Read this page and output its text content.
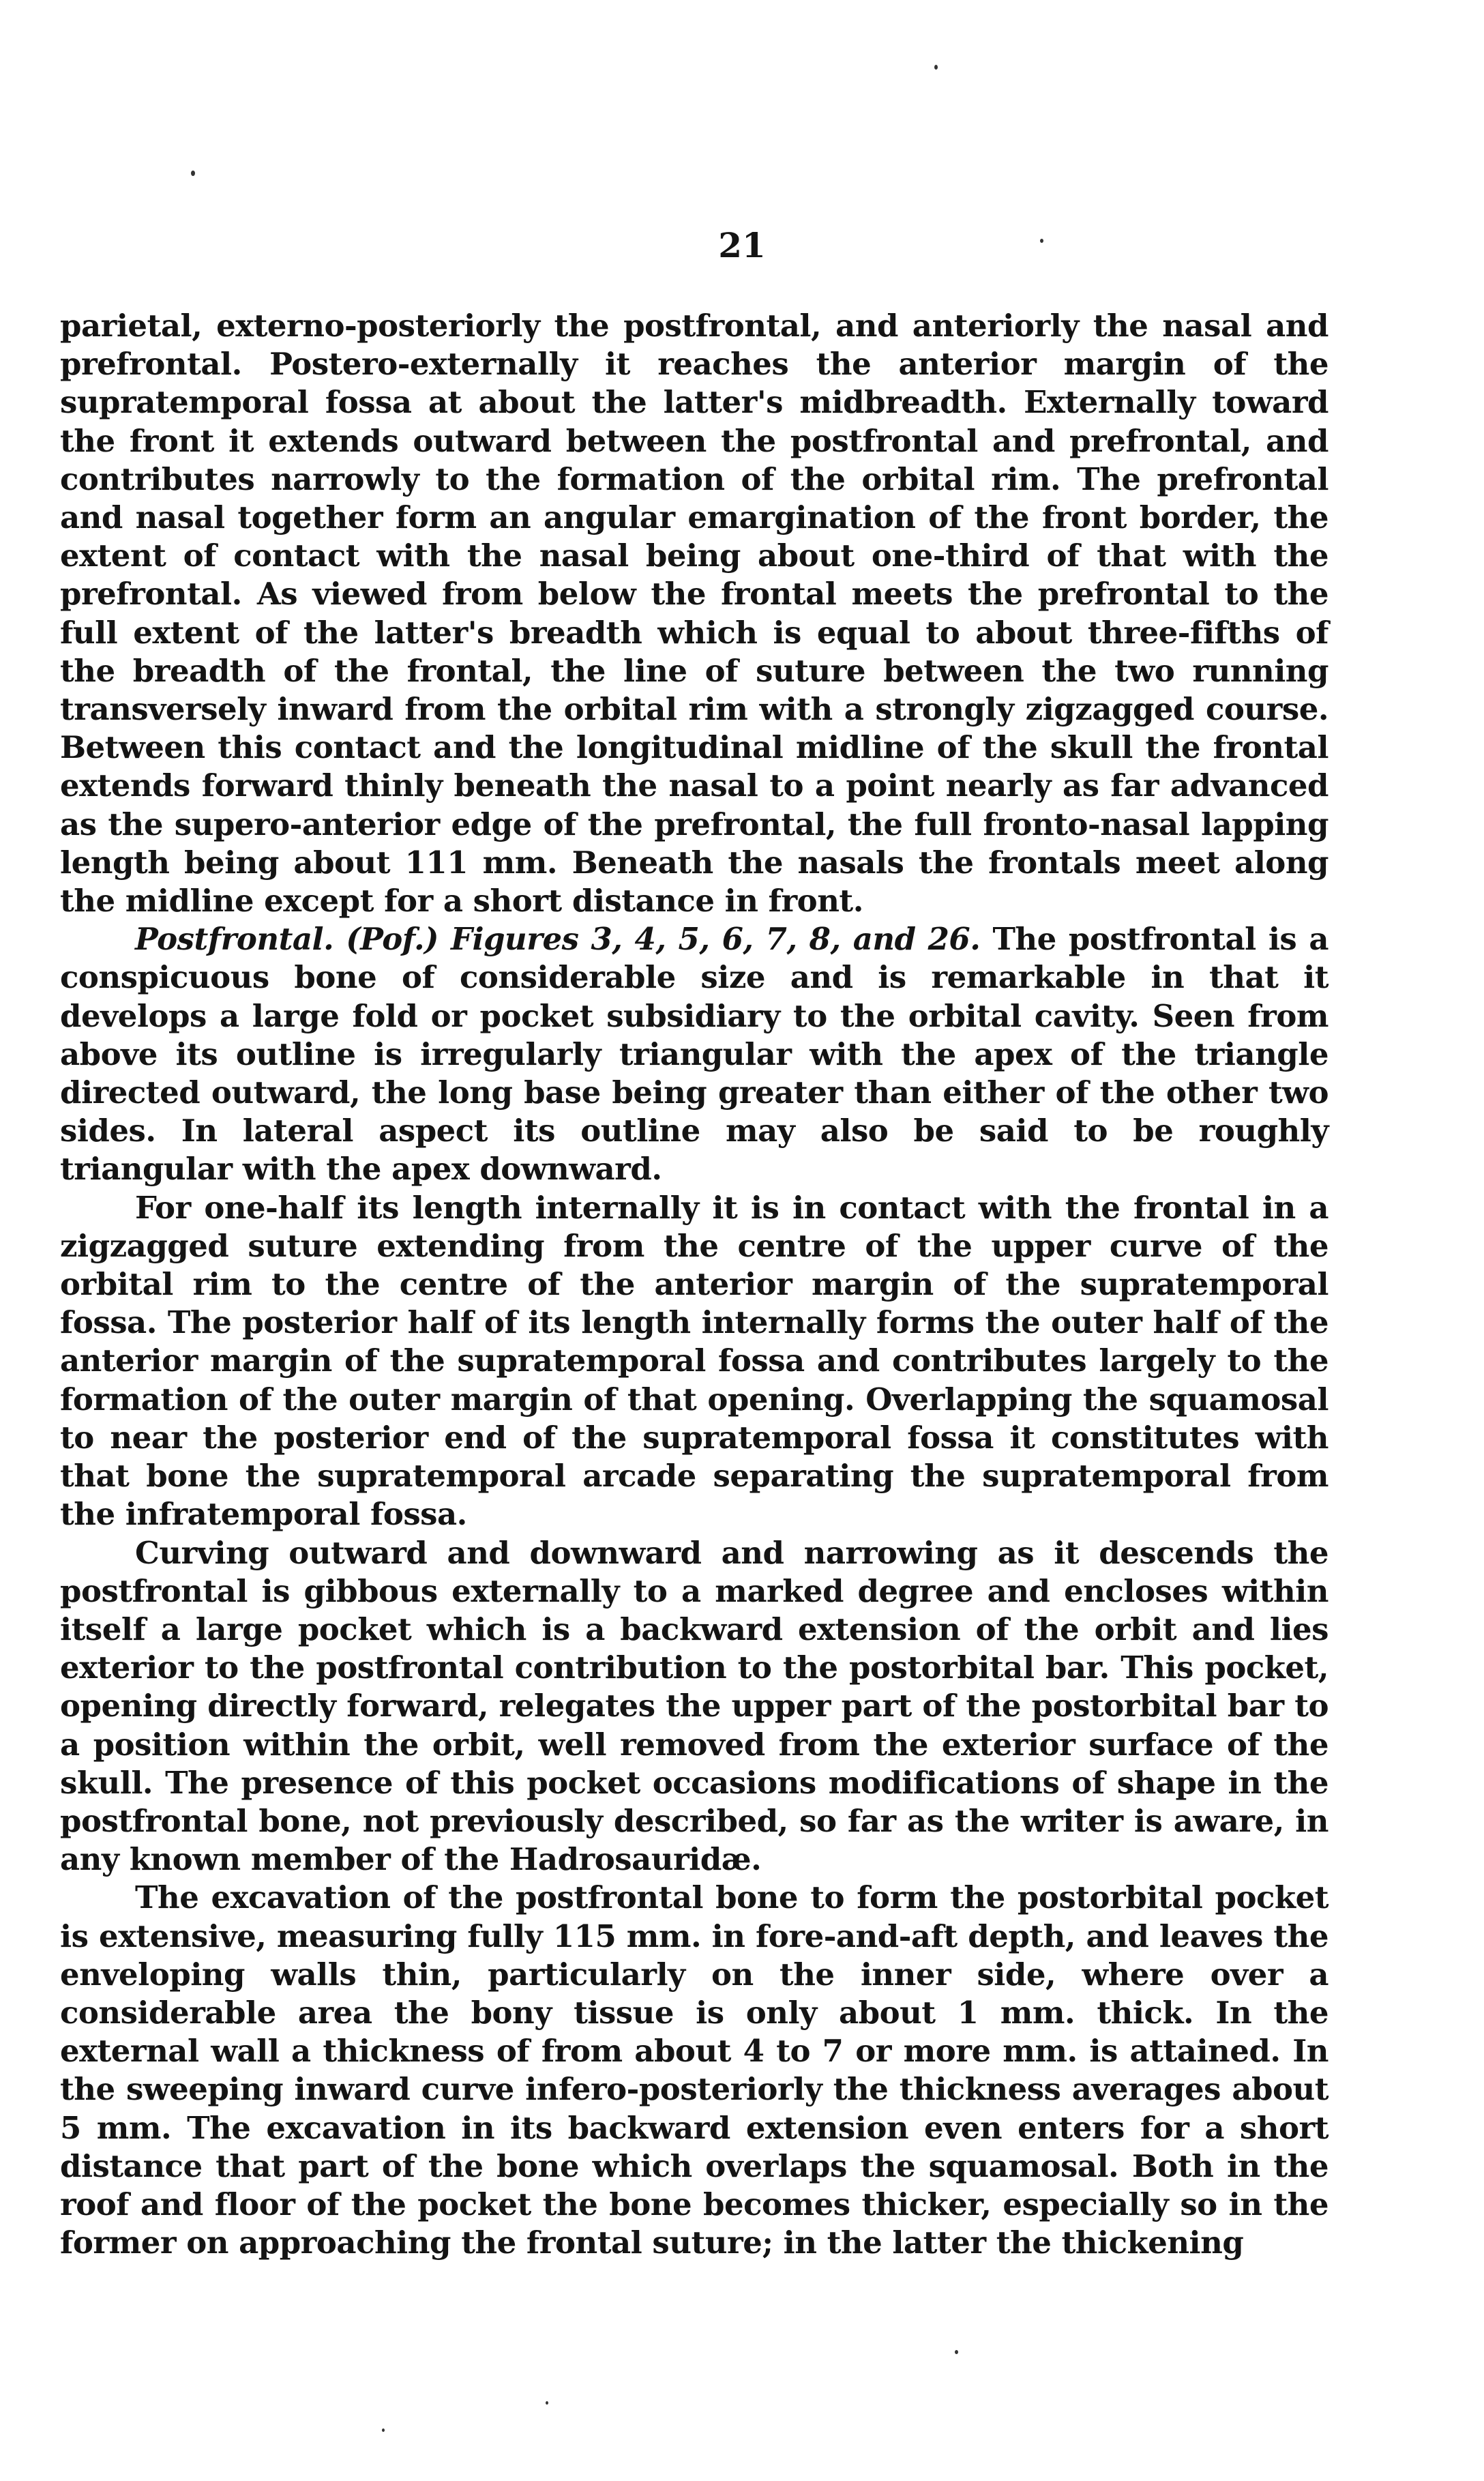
21

parietal, externo-posteriorly the postfrontal, and anteriorly the nasal and prefrontal. Postero-externally it reaches the anterior margin of the supratemporal fossa at about the latter's midbreadth. Externally toward the front it extends outward between the postfrontal and prefrontal, and contributes narrowly to the formation of the orbital rim. The prefrontal and nasal together form an angular emargination of the front border, the extent of contact with the nasal being about one-third of that with the prefrontal. As viewed from below the frontal meets the prefrontal to the full extent of the latter's breadth which is equal to about three-fifths of the breadth of the frontal, the line of suture between the two running transversely inward from the orbital rim with a strongly zigzagged course. Between this contact and the longitudinal midline of the skull the frontal extends forward thinly beneath the nasal to a point nearly as far advanced as the supero-anterior edge of the prefrontal, the full fronto-nasal lapping length being about 111 mm. Beneath the nasals the frontals meet along the midline except for a short distance in front.

Postfrontal. (Pof.) Figures 3, 4, 5, 6, 7, 8, and 26. The postfrontal is a conspicuous bone of considerable size and is remarkable in that it develops a large fold or pocket subsidiary to the orbital cavity. Seen from above its outline is irregularly triangular with the apex of the triangle directed outward, the long base being greater than either of the other two sides. In lateral aspect its outline may also be said to be roughly triangular with the apex downward.

For one-half its length internally it is in contact with the frontal in a zigzagged suture extending from the centre of the upper curve of the orbital rim to the centre of the anterior margin of the supratemporal fossa. The posterior half of its length internally forms the outer half of the anterior margin of the supratemporal fossa and contributes largely to the formation of the outer margin of that opening. Overlapping the squamosal to near the posterior end of the supratemporal fossa it constitutes with that bone the supratemporal arcade separating the supratemporal from the infratemporal fossa.

Curving outward and downward and narrowing as it descends the postfrontal is gibbous externally to a marked degree and encloses within itself a large pocket which is a backward extension of the orbit and lies exterior to the postfrontal contribution to the postorbital bar. This pocket, opening directly forward, relegates the upper part of the postorbital bar to a position within the orbit, well removed from the exterior surface of the skull. The presence of this pocket occasions modifications of shape in the postfrontal bone, not previously described, so far as the writer is aware, in any known member of the Hadrosauridæ.

The excavation of the postfrontal bone to form the postorbital pocket is extensive, measuring fully 115 mm. in fore-and-aft depth, and leaves the enveloping walls thin, particularly on the inner side, where over a considerable area the bony tissue is only about 1 mm. thick. In the external wall a thickness of from about 4 to 7 or more mm. is attained. In the sweeping inward curve infero-posteriorly the thickness averages about 5 mm. The excavation in its backward extension even enters for a short distance that part of the bone which overlaps the squamosal. Both in the roof and floor of the pocket the bone becomes thicker, especially so in the former on approaching the frontal suture; in the latter the thickening
